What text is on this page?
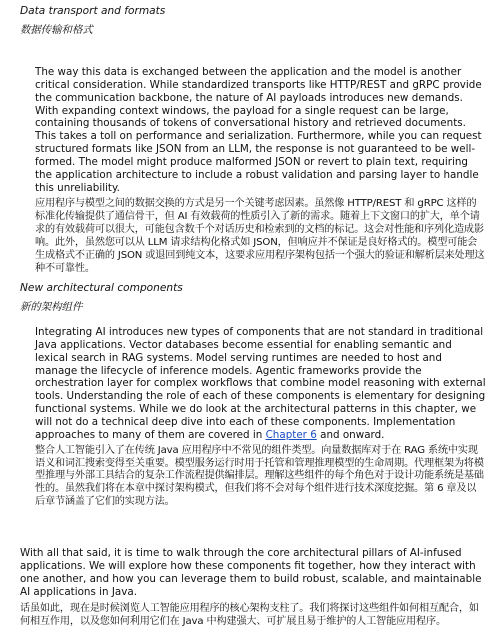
Data transport and formats

数据传输和格式

The way this data is exchanged between the application and the model is another critical consideration. While standardized transports like HTTP/REST and gRPC provide the communication backbone, the nature of AI payloads introduces new demands. With expanding context windows, the payload for a single request can be large, containing thousands of tokens of conversational history and retrieved documents. This takes a toll on performance and serialization. Furthermore, while you can request structured formats like JSON from an LLM, the response is not guaranteed to be well-formed. The model might produce malformed JSON or revert to plain text, requiring the application architecture to include a robust validation and parsing layer to handle this unreliability.

应用程序与模型之间的数据交换的方式是另一个关键考虑因素。虽然像 HTTP/REST 和 gRPC 这样的标准化传输提供了通信骨干，但 AI 有效载荷的性质引入了新的需求。随着上下文窗口的扩大，单个请求的有效载荷可以很大，可能包含数千个对话历史和检索到的文档的标记。这会对性能和序列化造成影响。此外，虽然您可以从 LLM 请求结构化格式如 JSON，但响应并不保证是良好格式的。模型可能会生成格式不正确的 JSON 或退回到纯文本，这要求应用程序架构包括一个强大的验证和解析层来处理这种不可靠性。

New architectural components

新的架构组件

Integrating AI introduces new types of components that are not standard in traditional Java applications. Vector databases become essential for enabling semantic and lexical search in RAG systems. Model serving runtimes are needed to host and manage the lifecycle of inference models. Agentic frameworks provide the orchestration layer for complex workflows that combine model reasoning with external tools. Understanding the role of each of these components is elementary for designing functional systems. While we do look at the architectural patterns in this chapter, we will not do a technical deep dive into each of these components. Implementation approaches to many of them are covered in Chapter 6 and onward.

整合人工智能引入了在传统 Java 应用程序中不常见的组件类型。向量数据库对于在 RAG 系统中实现语义和词汇搜索变得至关重要。模型服务运行时用于托管和管理推理模型的生命周期。代理框架为将模型推理与外部工具结合的复杂工作流程提供编排层。理解这些组件的每个角色对于设计功能系统是基础性的。虽然我们将在本章中探讨架构模式，但我们将不会对每个组件进行技术深度挖掘。第 6 章及以后章节涵盖了它们的实现方法。

With all that said, it is time to walk through the core architectural pillars of AI-infused applications. We will explore how these components fit together, how they interact with one another, and how you can leverage them to build robust, scalable, and maintainable AI applications in Java.

话虽如此，现在是时候浏览人工智能应用程序的核心架构支柱了。我们将探讨这些组件如何相互配合，如何相互作用，以及您如何利用它们在 Java 中构建强大、可扩展且易于维护的人工智能应用程序。
